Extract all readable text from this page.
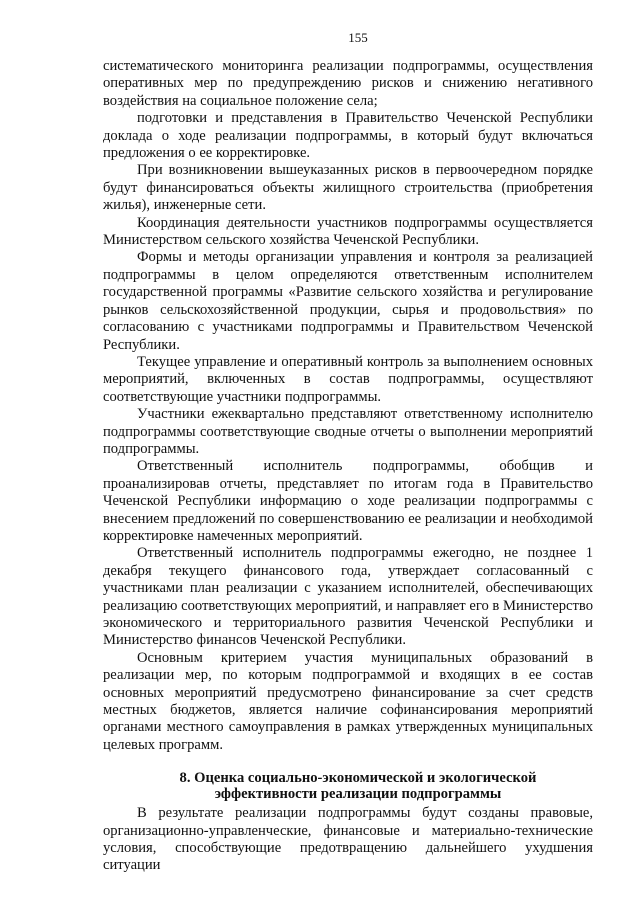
155

систематического мониторинга реализации подпрограммы, осуществления оперативных мер по предупреждению рисков и снижению негативного воздействия на социальное положение села;

подготовки и представления в Правительство Чеченской Республики доклада о ходе реализации подпрограммы, в который будут включаться предложения о ее корректировке.

При возникновении вышеуказанных рисков в первоочередном порядке будут финансироваться объекты жилищного строительства (приобретения жилья), инженерные сети.

Координация деятельности участников подпрограммы осуществляется Министерством сельского хозяйства Чеченской Республики.

Формы и методы организации управления и контроля за реализацией подпрограммы в целом определяются ответственным исполнителем государственной программы «Развитие сельского хозяйства и регулирование рынков сельскохозяйственной продукции, сырья и продовольствия» по согласованию с участниками подпрограммы и Правительством Чеченской Республики.

Текущее управление и оперативный контроль за выполнением основных мероприятий, включенных в состав подпрограммы, осуществляют соответствующие участники подпрограммы.

Участники ежеквартально представляют ответственному исполнителю подпрограммы соответствующие сводные отчеты о выполнении мероприятий подпрограммы.

Ответственный исполнитель подпрограммы, обобщив и проанализировав отчеты, представляет по итогам года в Правительство Чеченской Республики информацию о ходе реализации подпрограммы с внесением предложений по совершенствованию ее реализации и необходимой корректировке намеченных мероприятий.

Ответственный исполнитель подпрограммы ежегодно, не позднее 1 декабря текущего финансового года, утверждает согласованный с участниками план реализации с указанием исполнителей, обеспечивающих реализацию соответствующих мероприятий, и направляет его в Министерство экономического и территориального развития Чеченской Республики и Министерство финансов Чеченской Республики.

Основным критерием участия муниципальных образований в реализации мер, по которым подпрограммой и входящих в ее состав основных мероприятий предусмотрено финансирование за счет средств местных бюджетов, является наличие софинансирования мероприятий органами местного самоуправления в рамках утвержденных муниципальных целевых программ.

8. Оценка социально-экономической и экологической
эффективности реализации подпрограммы

В результате реализации подпрограммы будут созданы правовые, организационно-управленческие, финансовые и материально-технические условия, способствующие предотвращению дальнейшего ухудшения ситуации
